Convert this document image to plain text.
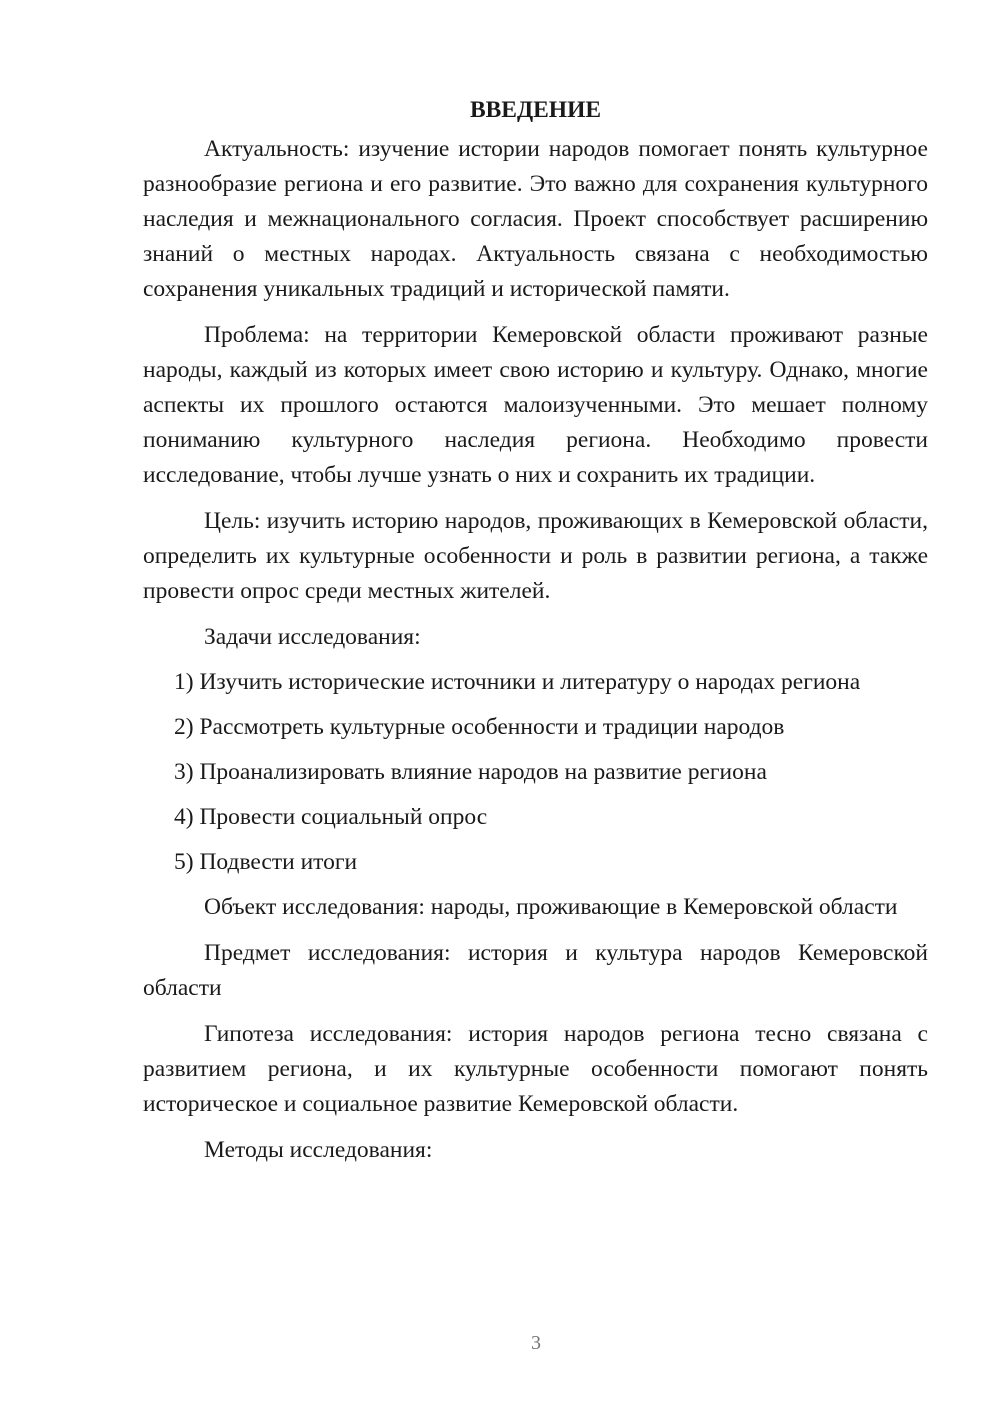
ВВЕДЕНИЕ

Актуальность: изучение истории народов помогает понять культурное разнообразие региона и его развитие. Это важно для сохранения культурного наследия и межнационального согласия. Проект способствует расширению знаний о местных народах. Актуальность связана с необходимостью сохранения уникальных традиций и исторической памяти.

Проблема: на территории Кемеровской области проживают разные народы, каждый из которых имеет свою историю и культуру. Однако, многие аспекты их прошлого остаются малоизученными. Это мешает полному пониманию культурного наследия региона. Необходимо провести исследование, чтобы лучше узнать о них и сохранить их традиции.

Цель: изучить историю народов, проживающих в Кемеровской области, определить их культурные особенности и роль в развитии региона, а также провести опрос среди местных жителей.

Задачи исследования:

1) Изучить исторические источники и литературу о народах региона
2) Рассмотреть культурные особенности и традиции народов
3) Проанализировать влияние народов на развитие региона
4) Провести социальный опрос
5) Подвести итоги

Объект исследования: народы, проживающие в Кемеровской области

Предмет исследования: история и культура народов Кемеровской области

Гипотеза исследования: история народов региона тесно связана с развитием региона, и их культурные особенности помогают понять историческое и социальное развитие Кемеровской области.

Методы исследования:

3
